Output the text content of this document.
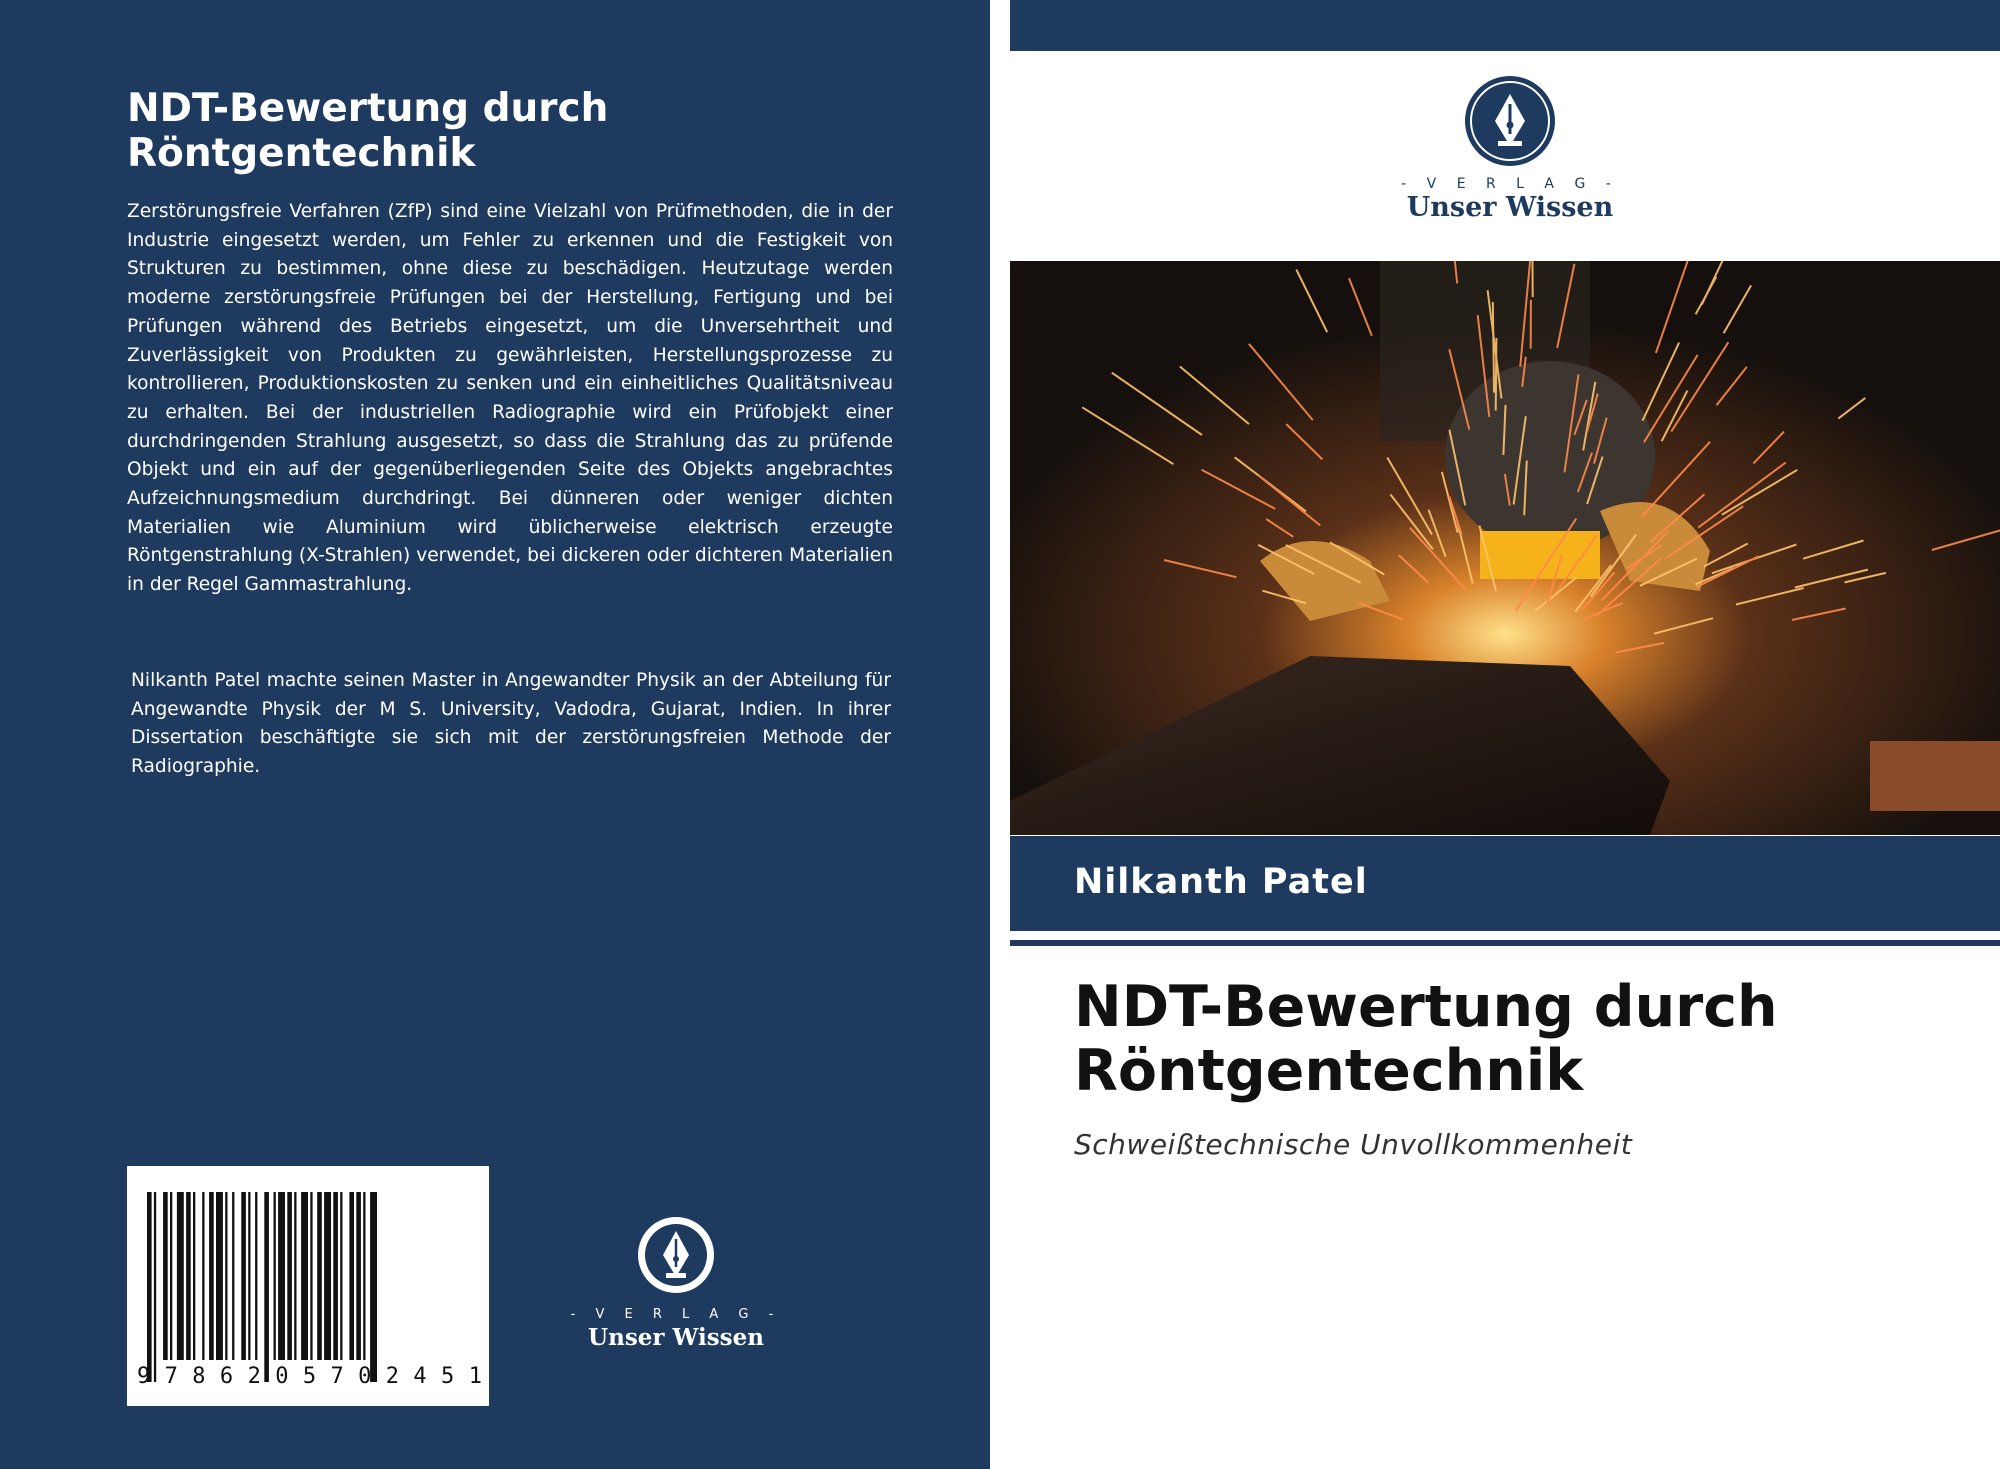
NDT-Bewertung durch Röntgentechnik
Zerstörungsfreie Verfahren (ZfP) sind eine Vielzahl von Prüfmethoden, die in der Industrie eingesetzt werden, um Fehler zu erkennen und die Festigkeit von Strukturen zu bestimmen, ohne diese zu beschädigen. Heutzutage werden moderne zerstörungsfreie Prüfungen bei der Herstellung, Fertigung und bei Prüfungen während des Betriebs eingesetzt, um die Unversehrtheit und Zuverlässigkeit von Produkten zu gewährleisten, Herstellungsprozesse zu kontrollieren, Produktionskosten zu senken und ein einheitliches Qualitätsniveau zu erhalten. Bei der industriellen Radiographie wird ein Prüfobjekt einer durchdringenden Strahlung ausgesetzt, so dass die Strahlung das zu prüfende Objekt und ein auf der gegenüberliegenden Seite des Objekts angebrachtes Aufzeichnungsmedium durchdringt. Bei dünneren oder weniger dichten Materialien wie Aluminium wird üblicherweise elektrisch erzeugte Röntgenstrahlung (X-Strahlen) verwendet, bei dickeren oder dichteren Materialien in der Regel Gammastrahlung.
Nilkanth Patel machte seinen Master in Angewandter Physik an der Abteilung für Angewandte Physik der M S. University, Vadodra, Gujarat, Indien. In ihrer Dissertation beschäftigte sie sich mit der zerstörungsfreien Methode der Radiographie.
9 7 8 6 2 0 5 7 0 2 4 5 1
- V E R L A G -
Unser Wissen
- V E R L A G -
Unser Wissen
Nilkanth Patel
NDT-Bewertung durch Röntgentechnik
Schweißtechnische Unvollkommenheit
